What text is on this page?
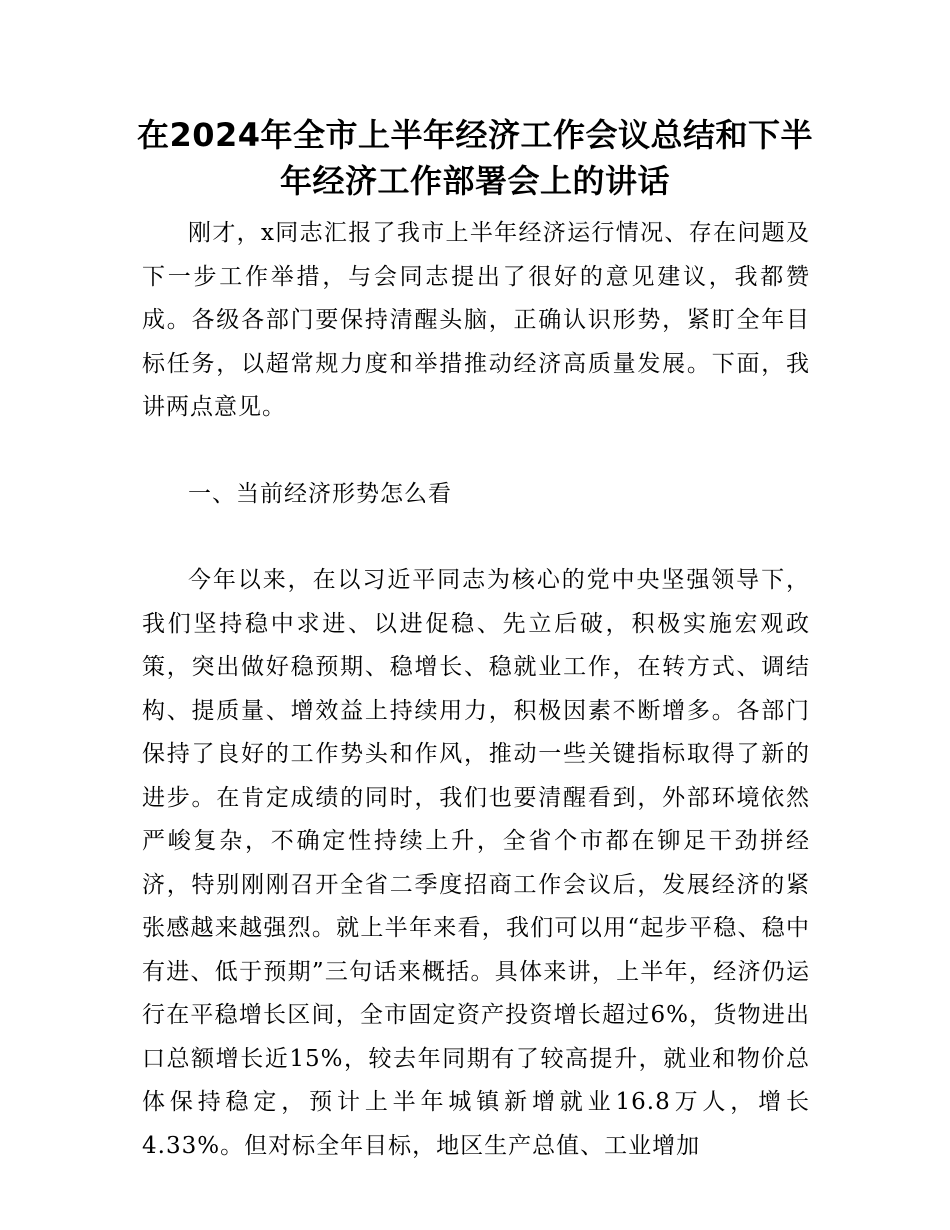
在2024年全市上半年经济工作会议总结和下半年经济工作部署会上的讲话

刚才，x同志汇报了我市上半年经济运行情况、存在问题及下一步工作举措，与会同志提出了很好的意见建议，我都赞成。各级各部门要保持清醒头脑，正确认识形势，紧盯全年目标任务，以超常规力度和举措推动经济高质量发展。下面，我讲两点意见。

一、当前经济形势怎么看

今年以来，在以习近平同志为核心的党中央坚强领导下，我们坚持稳中求进、以进促稳、先立后破，积极实施宏观政策，突出做好稳预期、稳增长、稳就业工作，在转方式、调结构、提质量、增效益上持续用力，积极因素不断增多。各部门保持了良好的工作势头和作风，推动一些关键指标取得了新的进步。在肯定成绩的同时，我们也要清醒看到，外部环境依然严峻复杂，不确定性持续上升，全省个市都在铆足干劲拼经济，特别刚刚召开全省二季度招商工作会议后，发展经济的紧张感越来越强烈。就上半年来看，我们可以用“起步平稳、稳中有进、低于预期”三句话来概括。具体来讲，上半年，经济仍运行在平稳增长区间，全市固定资产投资增长超过6%，货物进出口总额增长近15%，较去年同期有了较高提升，就业和物价总体保持稳定，预计上半年城镇新增就业16.8万人，增长4.33%。但对标全年目标，地区生产总值、工业增加
